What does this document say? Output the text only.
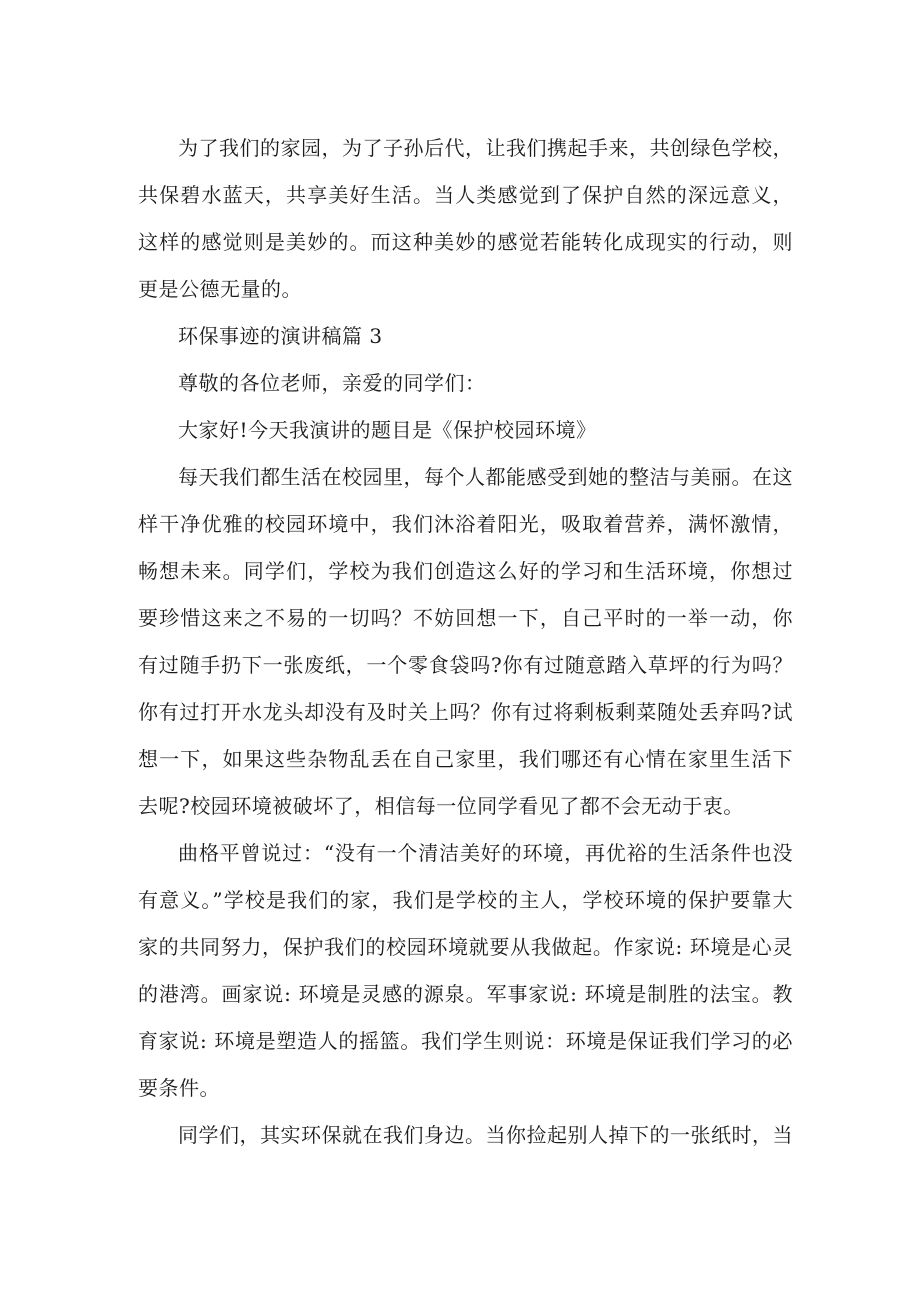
为了我们的家园，为了子孙后代，让我们携起手来，共创绿色学校，共保碧水蓝天，共享美好生活。当人类感觉到了保护自然的深远意义，这样的感觉则是美妙的。而这种美妙的感觉若能转化成现实的行动，则更是公德无量的。

环保事迹的演讲稿篇 3

尊敬的各位老师，亲爱的同学们：

大家好!今天我演讲的题目是《保护校园环境》

每天我们都生活在校园里，每个人都能感受到她的整洁与美丽。在这样干净优雅的校园环境中，我们沐浴着阳光，吸取着营养，满怀激情，畅想未来。同学们，学校为我们创造这么好的学习和生活环境，你想过要珍惜这来之不易的一切吗？不妨回想一下，自己平时的一举一动，你有过随手扔下一张废纸，一个零食袋吗?你有过随意踏入草坪的行为吗？你有过打开水龙头却没有及时关上吗？你有过将剩板剩菜随处丢弃吗?试想一下，如果这些杂物乱丢在自己家里，我们哪还有心情在家里生活下去呢?校园环境被破坏了，相信每一位同学看见了都不会无动于衷。

曲格平曾说过：“没有一个清洁美好的环境，再优裕的生活条件也没有意义。”学校是我们的家，我们是学校的主人，学校环境的保护要靠大家的共同努力，保护我们的校园环境就要从我做起。作家说: 环境是心灵的港湾。画家说: 环境是灵感的源泉。军事家说: 环境是制胜的法宝。教育家说: 环境是塑造人的摇篮。我们学生则说：环境是保证我们学习的必要条件。

同学们，其实环保就在我们身边。当你捡起别人掉下的一张纸时，当
